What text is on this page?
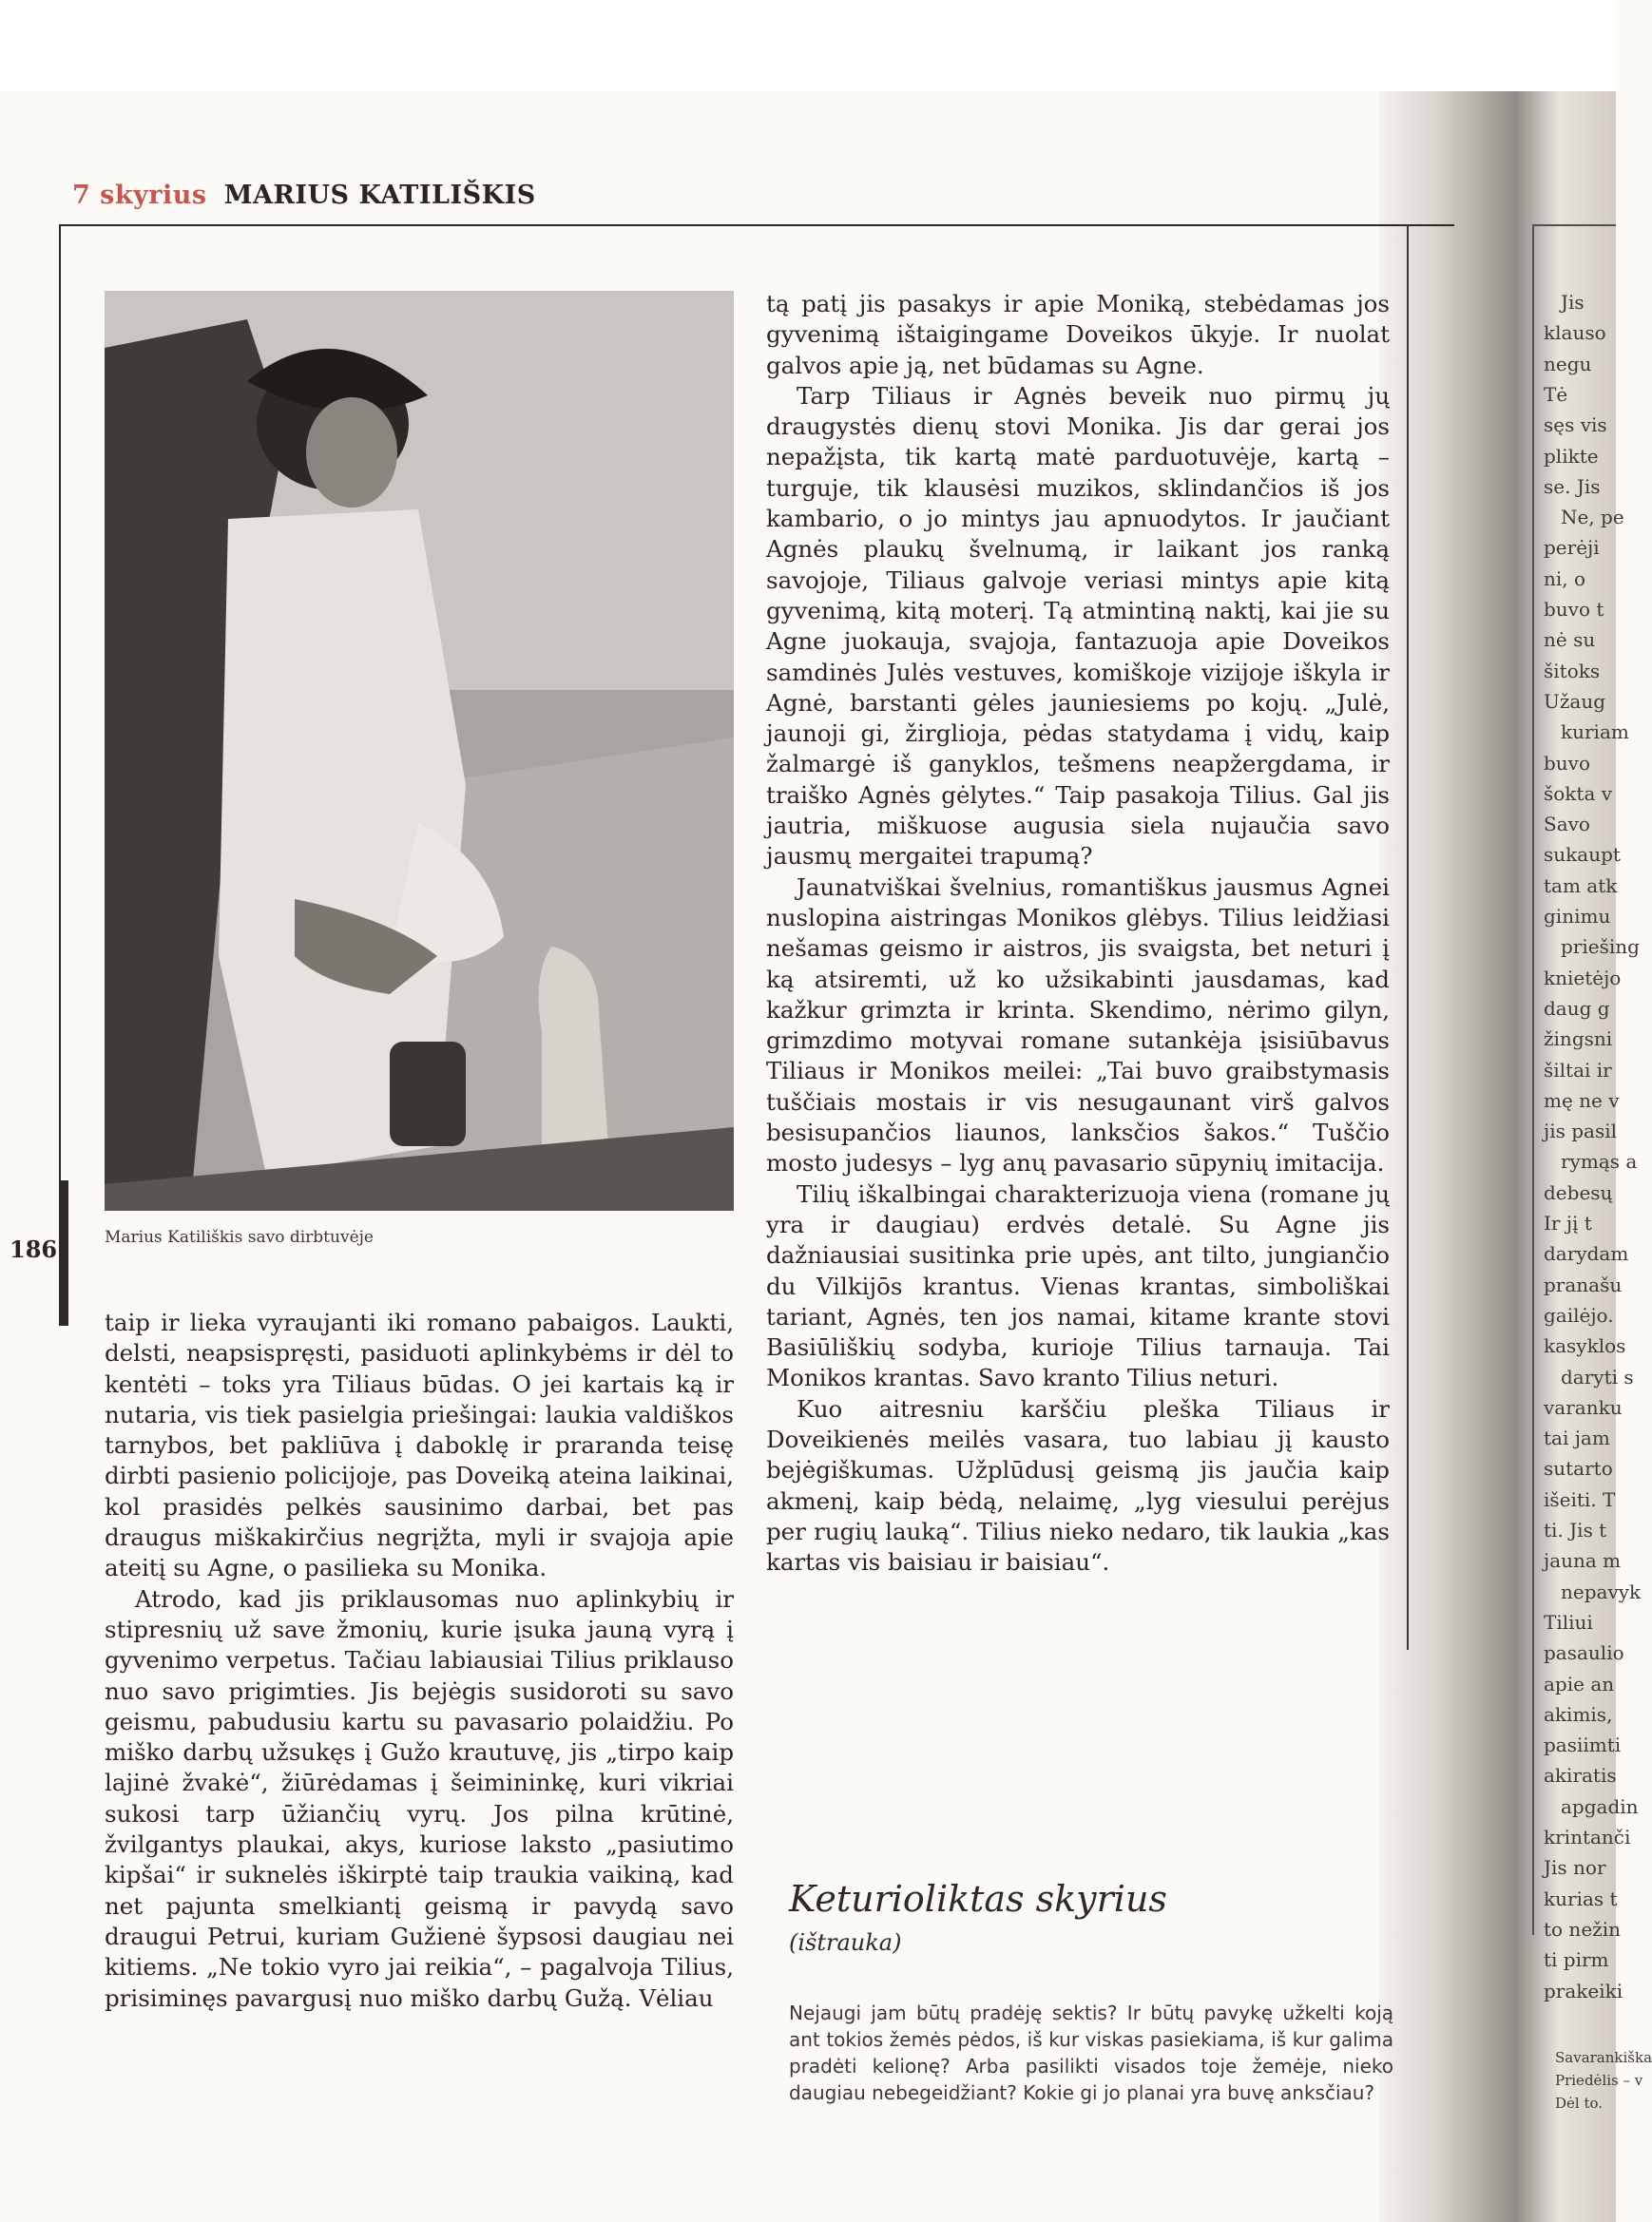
7 skyrius MARIUS KATILIŠKIS
186	Marius Katiliškis savo dirbtuvėje

taip ir lieka vyraujanti iki romano pabaigos. Laukti, delsti, neapsispręsti, pasiduoti aplinkybėms ir dėl to kentėti – toks yra Tiliaus būdas. O jei kartais ką ir nutaria, vis tiek pasielgia priešingai: laukia valdiškos tarnybos, bet pakliūva į daboklę ir praranda teisę dirbti pasienio policijoje, pas Doveiką ateina laikinai, kol prasidės pelkės sausinimo darbai, bet pas draugus miškakirčius negrįžta, myli ir svajoja apie ateitį su Agne, o pasilieka su Monika.

Atrodo, kad jis priklausomas nuo aplinkybių ir stipresnių už save žmonių, kurie įsuka jauną vyrą į gyvenimo verpetus. Tačiau labiausiai Tilius priklauso nuo savo prigimties. Jis bejėgis susidoroti su savo geismu, pabudusiu kartu su pavasario polaidžiu. Po miško darbų užsukęs į Gužo krautuvę, jis „tirpo kaip lajinė žvakė“, žiūrėdamas į šeimininkę, kuri vikriai sukosi tarp ūžiančių vyrų. Jos pilna krūtinė, žvilgantys plaukai, akys, kuriose laksto „pasiutimo kipšai“ ir suknelės iškirptė taip traukia vaikiną, kad net pajunta smelkiantį geismą ir pavydą savo draugui Petrui, kuriam Gužienė šypsosi daugiau nei kitiems. „Ne tokio vyro jai reikia“, – pagalvoja Tilius, prisiminęs pavargusį nuo miško darbų Gužą. Vėliau

tą patį jis pasakys ir apie Moniką, stebėdamas jos gyvenimą ištaigingame Doveikos ūkyje. Ir nuolat galvos apie ją, net būdamas su Agne.

Tarp Tiliaus ir Agnės beveik nuo pirmų jų draugystės dienų stovi Monika. Jis dar gerai jos nepažįsta, tik kartą matė parduotuvėje, kartą – turguje, tik klausėsi muzikos, sklindančios iš jos kambario, o jo mintys jau apnuodytos. Ir jaučiant Agnės plaukų švelnumą, ir laikant jos ranką savojoje, Tiliaus galvoje veriasi mintys apie kitą gyvenimą, kitą moterį. Tą atmintiną naktį, kai jie su Agne juokauja, svajoja, fantazuoja apie Doveikos samdinės Julės vestuves, komiškoje vizijoje iškyla ir Agnė, barstanti gėles jauniesiems po kojų. „Julė, jaunoji gi, žirglioja, pėdas statydama į vidų, kaip žalmargė iš ganyklos, tešmens neapžergdama, ir traiško Agnės gėlytes.“ Taip pasakoja Tilius. Gal jis jautria, miškuose augusia siela nujaučia savo jausmų mergaitei trapumą?

Jaunatviškai švelnius, romantiškus jausmus Agnei nuslopina aistringas Monikos glėbys. Tilius leidžiasi nešamas geismo ir aistros, jis svaigsta, bet neturi į ką atsiremti, už ko užsikabinti jausdamas, kad kažkur grimzta ir krinta. Skendimo, nėrimo gilyn, grimzdimo motyvai romane sutankėja įsisiūbavus Tiliaus ir Monikos meilei: „Tai buvo graibstymasis tuščiais mostais ir vis nesugaunant virš galvos besisupančios liaunos, lanksčios šakos.“ Tuščio mosto judesys – lyg anų pavasario sūpynių imitacija.

Tilių iškalbingai charakterizuoja viena (romane jų yra ir daugiau) erdvės detalė. Su Agne jis dažniausiai susitinka prie upės, ant tilto, jungiančio du Vilkijōs krantus. Vienas krantas, simboliškai tariant, Agnės, ten jos namai, kitame krante stovi Basiūliškių sodyba, kurioje Tilius tarnauja. Tai Monikos krantas. Savo kranto Tilius neturi.

Kuo aitresniu karščiu pleška Tiliaus ir Doveikienės meilės vasara, tuo labiau jį kausto bejėgiškumas. Užplūdusį geismą jis jaučia kaip akmenį, kaip bėdą, nelaimę, „lyg viesului perėjus per rugių lauką“. Tilius nieko nedaro, tik laukia „kas kartas vis baisiau ir baisiau“.

Keturioliktas skyrius
(ištrauka)

Nejaugi jam būtų pradėję sektis? Ir būtų pavykę užkelti koją ant tokios žemės pėdos, iš kur viskas pasiekiama, iš kur galima pradėti kelionę? Arba pasilikti visados toje žemėje, nieko daugiau nebegeidžiant? Kokie gi jo planai yra buvę anksčiau?

Jis
klauso
negu
Tė
sęs vis
plikte
se. Jis
Ne, pe
perėji
ni, o
buvo t
nė su
šitoks
Užaug
kuriam
buvo
šokta v
Savo
sukaupt
tam atk
ginimu
priešing
knietėjo
daug g
žingsni
šiltai ir
mę ne v
jis pasil
rymąs a
debesų
Ir jį t
darydam
pranašu
gailėjo.
kasyklos
daryti s
varanku
tai jam
sutarto
išeiti. T
ti. Jis t
jauna m
nepavyk
Tiliui
pasaulio
apie an
akimis,
pasiimti
akiratis
apgadin
krintanči
Jis nor
kurias t
to nežin
ti pirm
prakeiki
Savarankiška
Priedėlis – v
Dėl to.
